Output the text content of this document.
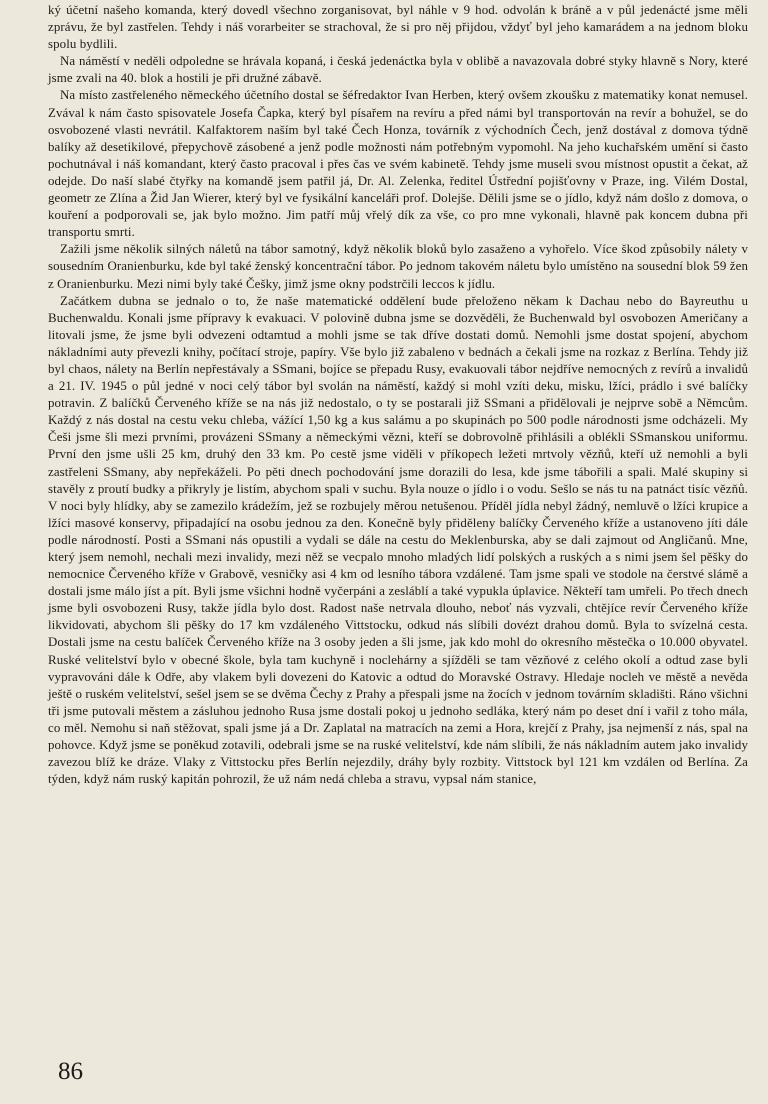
ký účetní našeho komanda, který dovedl všechno zorganisovat, byl náhle v 9 hod. odvolán k bráně a v půl jedenácté jsme měli zprávu, že byl zastřelen. Tehdy i náš vorarbeiter se strachoval, že si pro něj přijdou, vždyť byl jeho kamarádem a na jednom bloku spolu bydlili.

Na náměstí v neděli odpoledne se hrávala kopaná, i česká jedenáctka byla v oblibě a navazovala dobré styky hlavně s Nory, které jsme zvali na 40. blok a hostili je při družné zábavě.

Na místo zastřeleného německého účetního dostal se šéfredaktor Ivan Herben, který ovšem zkoušku z matematiky konat nemusel. Zvával k nám často spisovatele Josefa Čapka, který byl písařem na revíru a před námi byl transportován na revír a bohužel, se do osvobozené vlasti nevrátil. Kalfaktorem naším byl také Čech Honza, továrník z východních Čech, jenž dostával z domova týdně balíky až desetikilové, přepychově zásobené a jenž podle možnosti nám potřebným vypomohl. Na jeho kuchařském umění si často pochutnával i náš komandant, který často pracoval i přes čas ve svém kabinetě. Tehdy jsme museli svou místnost opustit a čekat, až odejde. Do naší slabé čtyřky na komandě jsem patřil já, Dr. Al. Zelenka, ředitel Ústřední pojišťovny v Praze, ing. Vilém Dostal, geometr ze Zlína a Žid Jan Wierer, který byl ve fysikální kanceláři prof. Dolejše. Dělili jsme se o jídlo, když nám došlo z domova, o kouření a podporovali se, jak bylo možno. Jim patří můj vřelý dík za vše, co pro mne vykonali, hlavně pak koncem dubna při transportu smrti.

Zažili jsme několik silných náletů na tábor samotný, když několik bloků bylo zasaženo a vyhořelo. Více škod způsobily nálety v sousedním Oranienburku, kde byl také ženský koncentrační tábor. Po jednom takovém náletu bylo umístěno na sousední blok 59 žen z Oranienburku. Mezi nimi byly také Češky, jimž jsme okny podstrčili leccos k jídlu.

Začátkem dubna se jednalo o to, že naše matematické oddělení bude přeloženo někam k Dachau nebo do Bayreuthu u Buchenwaldu. Konali jsme přípravy k evakuaci. V polovině dubna jsme se dozvěděli, že Buchenwald byl osvobozen Američany a litovali jsme, že jsme byli odvezeni odtamtud a mohli jsme se tak dříve dostati domů. Nemohli jsme dostat spojení, abychom nákladními auty převezli knihy, počítací stroje, papíry. Vše bylo již zabaleno v bednách a čekali jsme na rozkaz z Berlína. Tehdy již byl chaos, nálety na Berlín nepřestávaly a SSmani, bojíce se přepadu Rusy, evakuovali tábor nejdříve nemocných z revírů a invalidů a 21. IV. 1945 o půl jedné v noci celý tábor byl svolán na náměstí, každý si mohl vzíti deku, misku, lžíci, prádlo i své balíčky potravin. Z balíčků Červeného kříže se na nás již nedostalo, o ty se postarali již SSmani a přidělovali je nejprve sobě a Němcům. Každý z nás dostal na cestu veku chleba, vážící 1,50 kg a kus salámu a po skupinách po 500 podle národnosti jsme odcházeli. My Češi jsme šli mezi prvními, provázeni SSmany a německými vězni, kteří se dobrovolně přihlásili a oblékli SSmanskou uniformu. První den jsme ušli 25 km, druhý den 33 km. Po cestě jsme viděli v příkopech ležeti mrtvoly vězňů, kteří už nemohli a byli zastřeleni SSmany, aby nepřekáželi. Po pěti dnech pochodování jsme dorazili do lesa, kde jsme tábořili a spali. Malé skupiny si stavěly z proutí budky a přikryly je listím, abychom spali v suchu. Byla nouze o jídlo i o vodu. Sešlo se nás tu na patnáct tisíc vězňů. V noci byly hlídky, aby se zamezilo krádežím, jež se rozbujely měrou netušenou. Příděl jídla nebyl žádný, nemluvě o lžíci krupice a lžíci masové konservy, připadající na osobu jednou za den. Konečně byly přiděleny balíčky Červeného kříže a ustanoveno jíti dále podle národností. Posti a SSmani nás opustili a vydali se dále na cestu do Meklenburska, aby se dali zajmout od Angličanů. Mne, který jsem nemohl, nechali mezi invalidy, mezi něž se vecpalo mnoho mladých lidí polských a ruských a s nimi jsem šel pěšky do nemocnice Červeného kříže v Grabově, vesničky asi 4 km od lesního tábora vzdálené. Tam jsme spali ve stodole na čerstvé slámě a dostali jsme málo jíst a pít. Byli jsme všichni hodně vyčerpáni a zesláblí a také vypukla úplavice. Někteří tam umřeli. Po třech dnech jsme byli osvobozeni Rusy, takže jídla bylo dost. Radost naše netrvala dlouho, neboť nás vyzvali, chtějíce revír Červeného kříže likvidovati, abychom šli pěšky do 17 km vzdáleného Vittstocku, odkud nás slíbili dovézt drahou domů. Byla to svízelná cesta. Dostali jsme na cestu balíček Červeného kříže na 3 osoby jeden a šli jsme, jak kdo mohl do okresního městečka o 10.000 obyvatel. Ruské velitelství bylo v obecné škole, byla tam kuchyně i noclehárny a sjížděli se tam vězňové z celého okolí a odtud zase byli vypravováni dále k Odře, aby vlakem byli dovezeni do Katovic a odtud do Moravské Ostravy. Hledaje nocleh ve městě a nevěda ještě o ruském velitelství, sešel jsem se se dvěma Čechy z Prahy a přespali jsme na žocích v jednom továrním skladišti. Ráno všichni tři jsme putovali městem a zásluhou jednoho Rusa jsme dostali pokoj u jednoho sedláka, který nám po deset dní i vařil z toho mála, co měl. Nemohu si naň stěžovat, spali jsme já a Dr. Zaplatal na matracích na zemi a Hora, krejčí z Prahy, jsa nejmenší z nás, spal na pohovce. Když jsme se poněkud zotavili, odebrali jsme se na ruské velitelství, kde nám slíbili, že nás nákladním autem jako invalidy zavezou blíž ke dráze. Vlaky z Vittstocku přes Berlín nejezdily, dráhy byly rozbity. Vittstock byl 121 km vzdálen od Berlína. Za týden, když nám ruský kapitán pohrozil, že už nám nedá chleba a stravu, vypsal nám stanice,

86
